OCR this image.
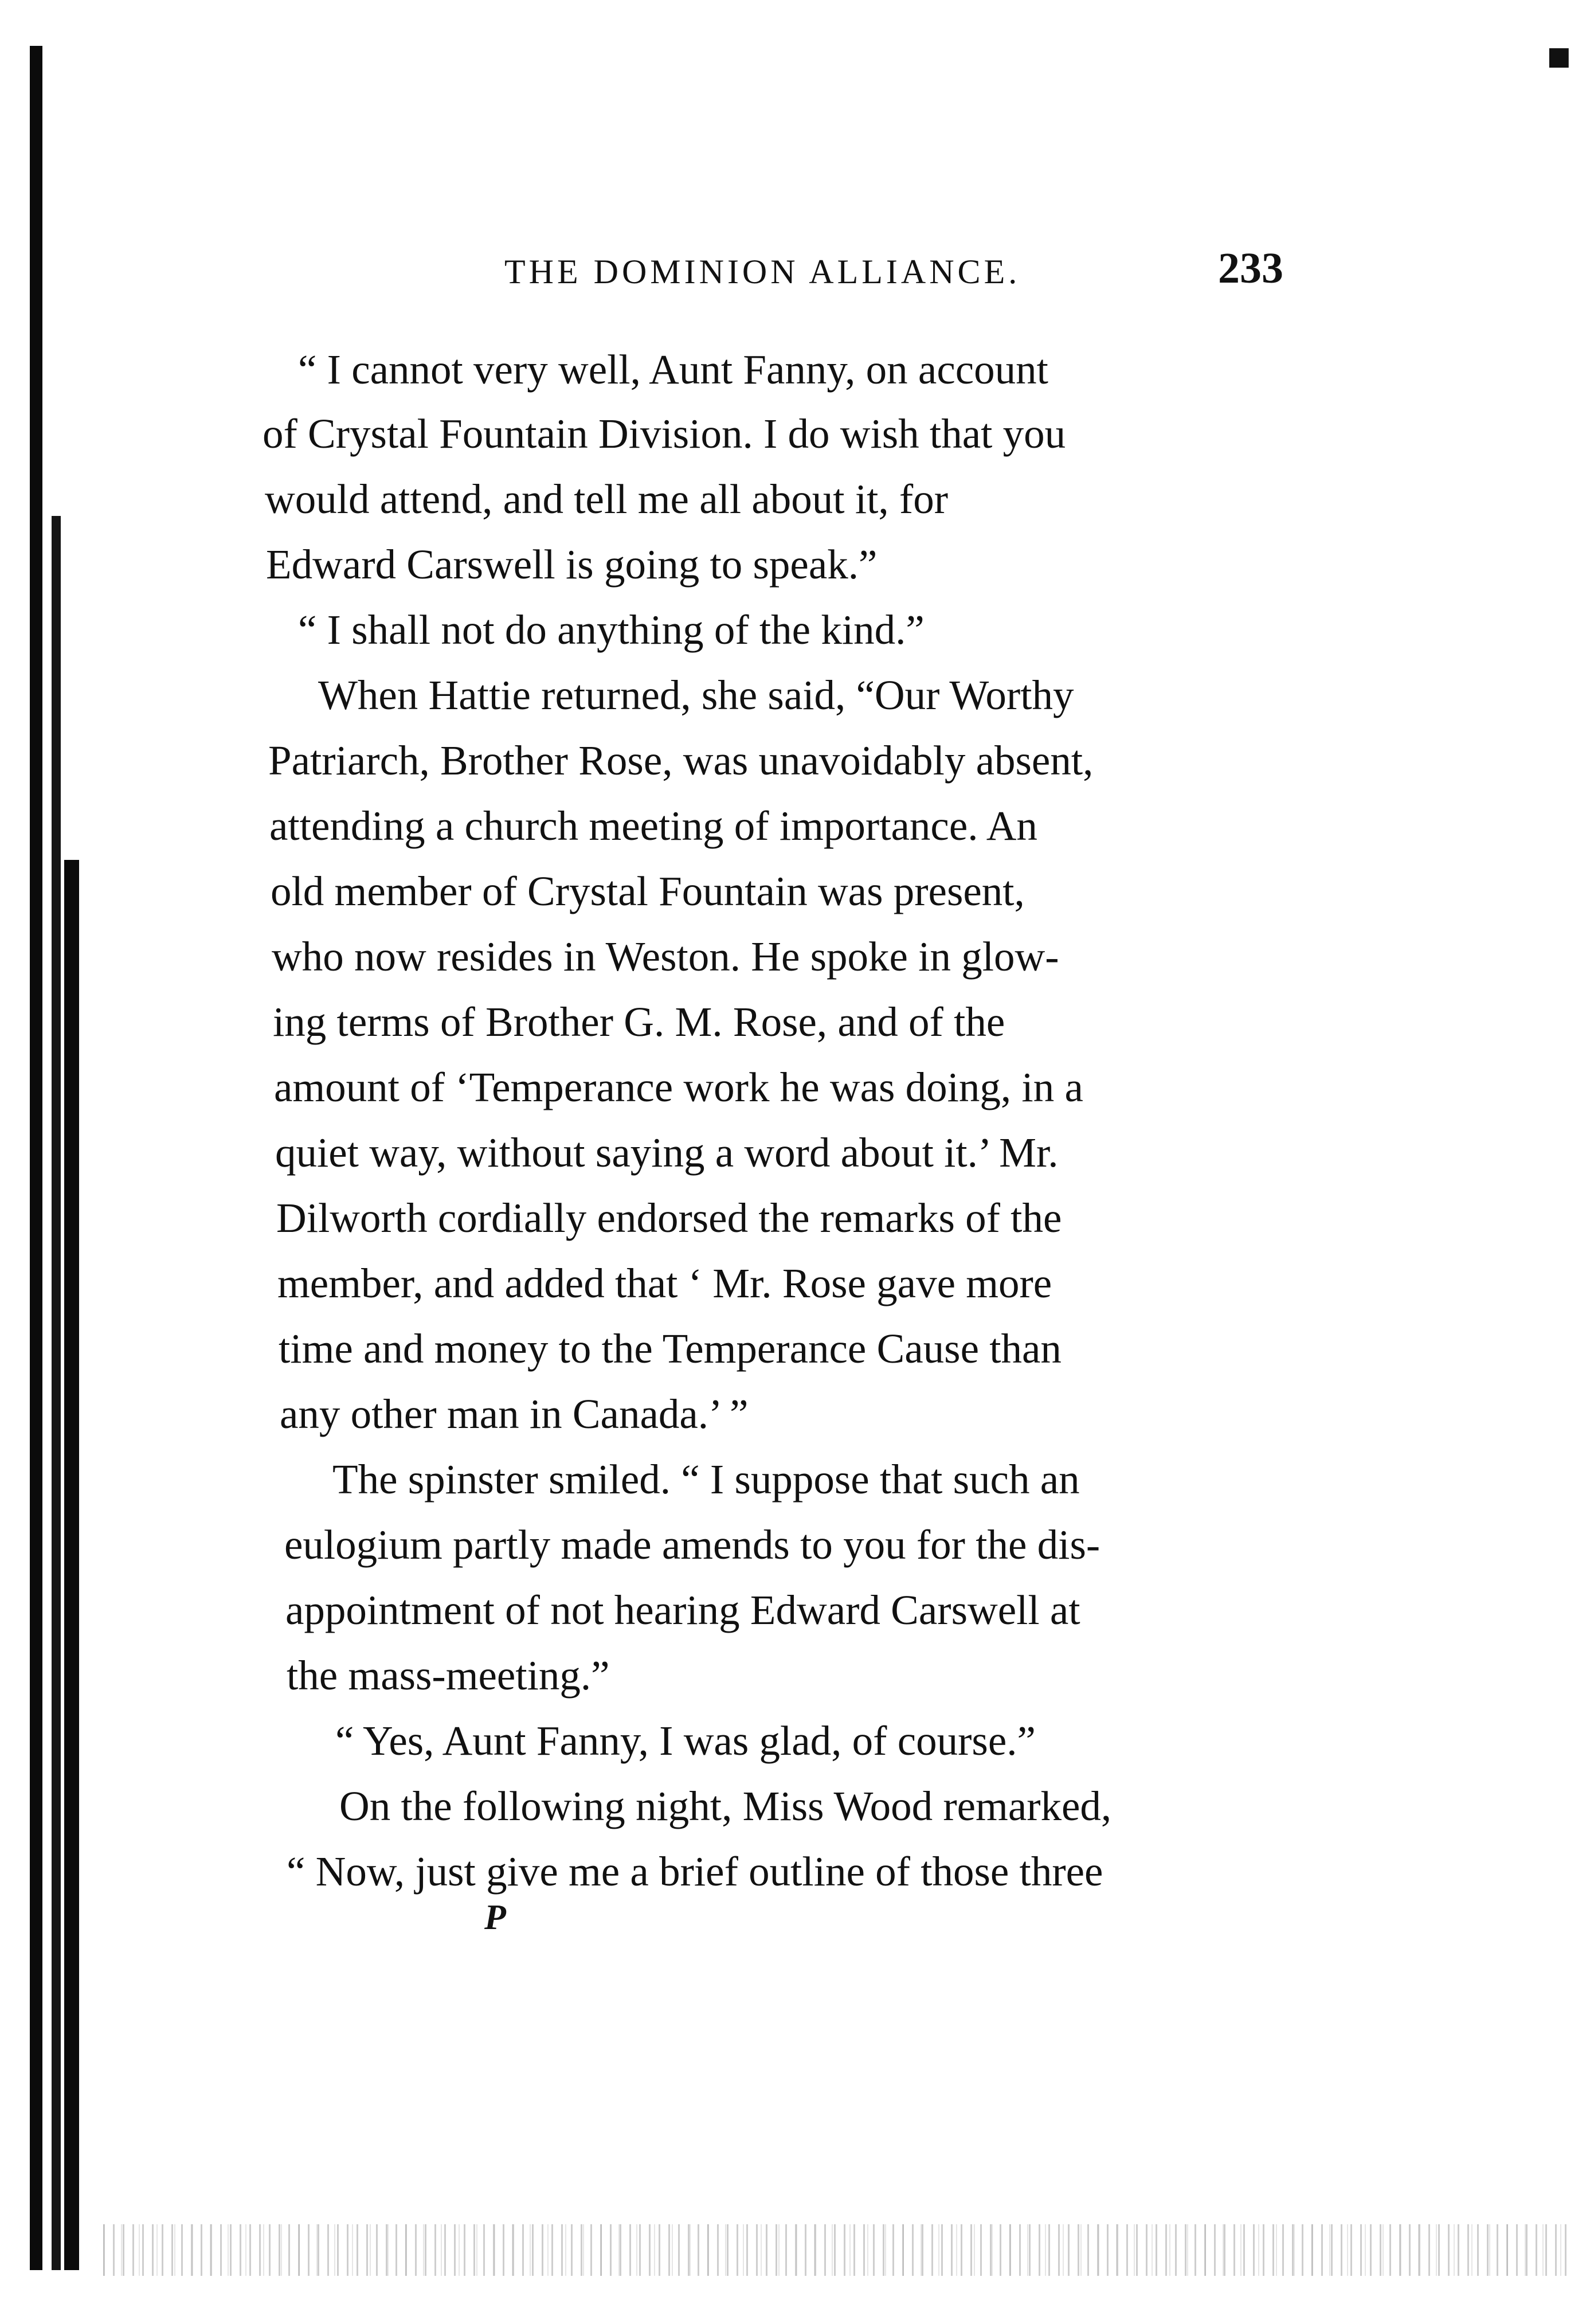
■
THE DOMINION ALLIANCE.	233
“ I cannot very well, Aunt Fanny, on account
of Crystal Fountain Division. I do wish that you
would attend, and tell me all about it, for
Edward Carswell is going to speak.”
“ I shall not do anything of the kind.”
When Hattie returned, she said, “Our Worthy
Patriarch, Brother Rose, was unavoidably absent,
attending a church meeting of importance. An
old member of Crystal Fountain was present,
who now resides in Weston. He spoke in glow-
ing terms of Brother G. M. Rose, and of the
amount of ‘Temperance work he was doing, in a
quiet way, without saying a word about it.’ Mr.
Dilworth cordially endorsed the remarks of the
member, and added that ‘ Mr. Rose gave more
time and money to the Temperance Cause than
any other man in Canada.’ ”
The spinster smiled. “ I suppose that such an
eulogium partly made amends to you for the dis-
appointment of not hearing Edward Carswell at
the mass-meeting.”
“ Yes, Aunt Fanny, I was glad, of course.”
On the following night, Miss Wood remarked,
“ Now, just give me a brief outline of those three
P
